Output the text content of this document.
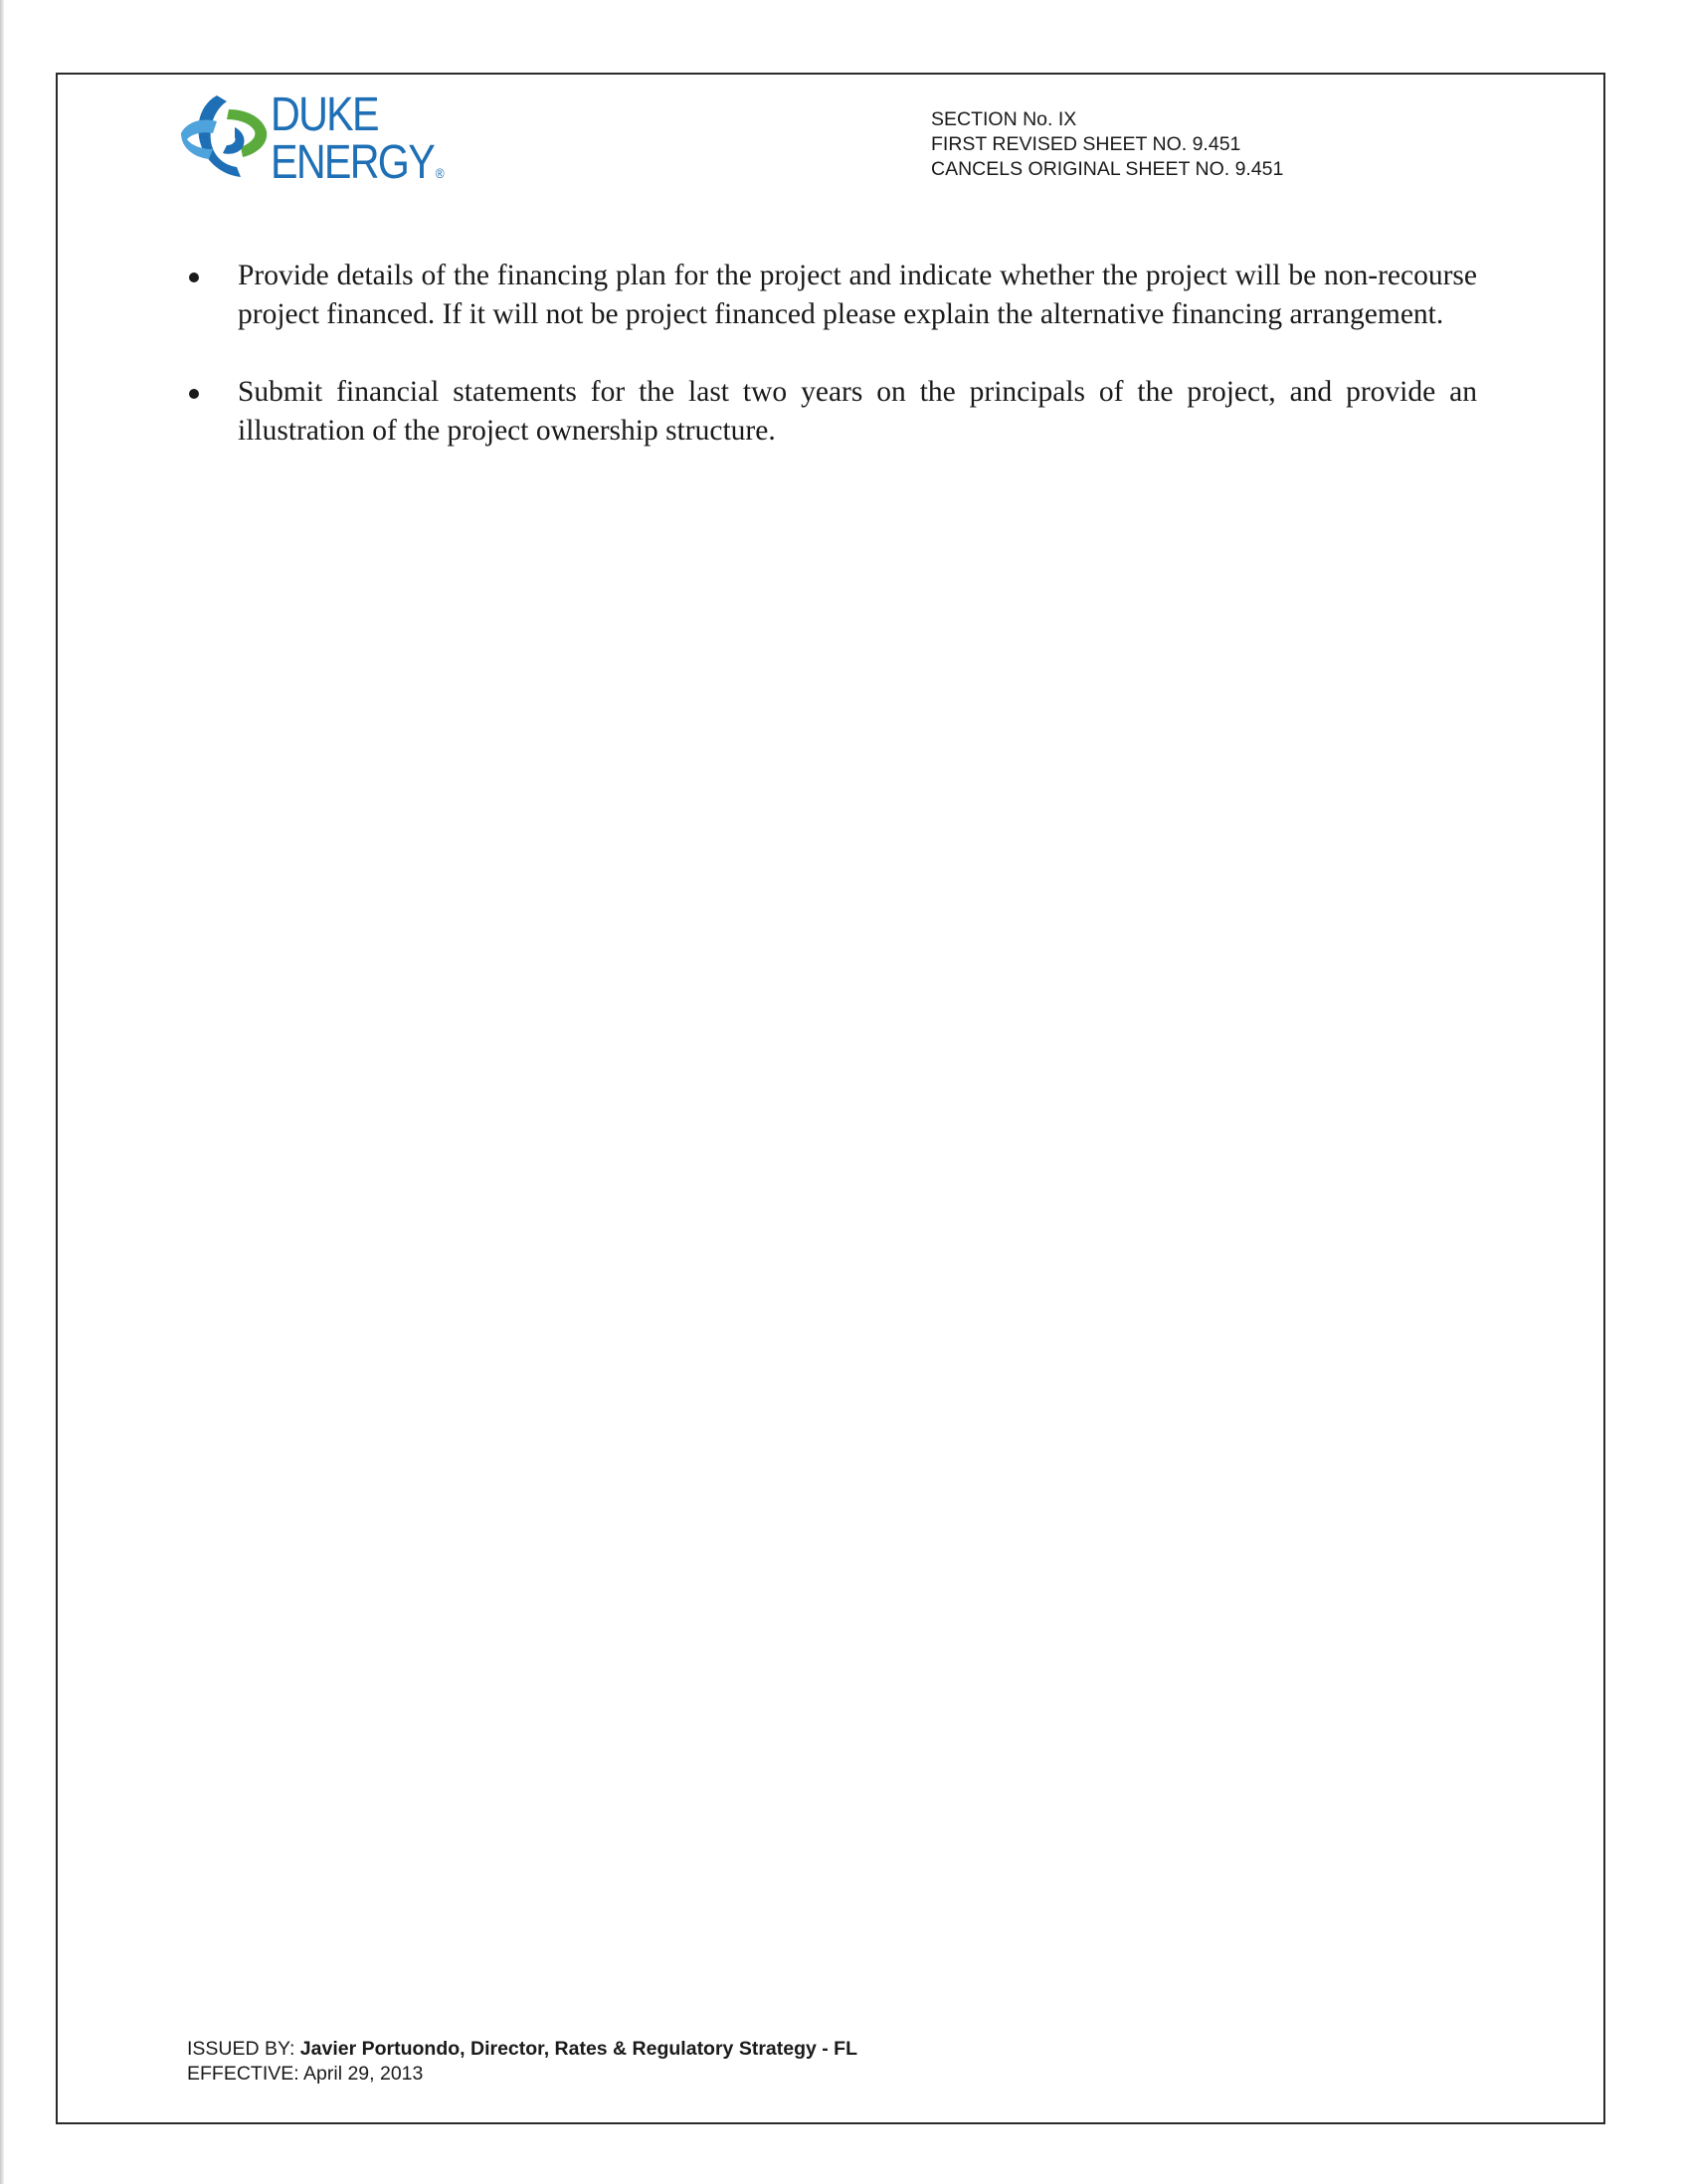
DUKE
ENERGY ®
SECTION No. IX
FIRST REVISED SHEET NO. 9.451
CANCELS ORIGINAL SHEET NO. 9.451
Provide details of the financing plan for the project and indicate whether the project will be non-recourse project financed. If it will not be project financed please explain the alternative financing arrangement.
Submit financial statements for the last two years on the principals of the project, and provide an illustration of the project ownership structure.
ISSUED BY: Javier Portuondo, Director, Rates & Regulatory Strategy - FL
EFFECTIVE: April 29, 2013
